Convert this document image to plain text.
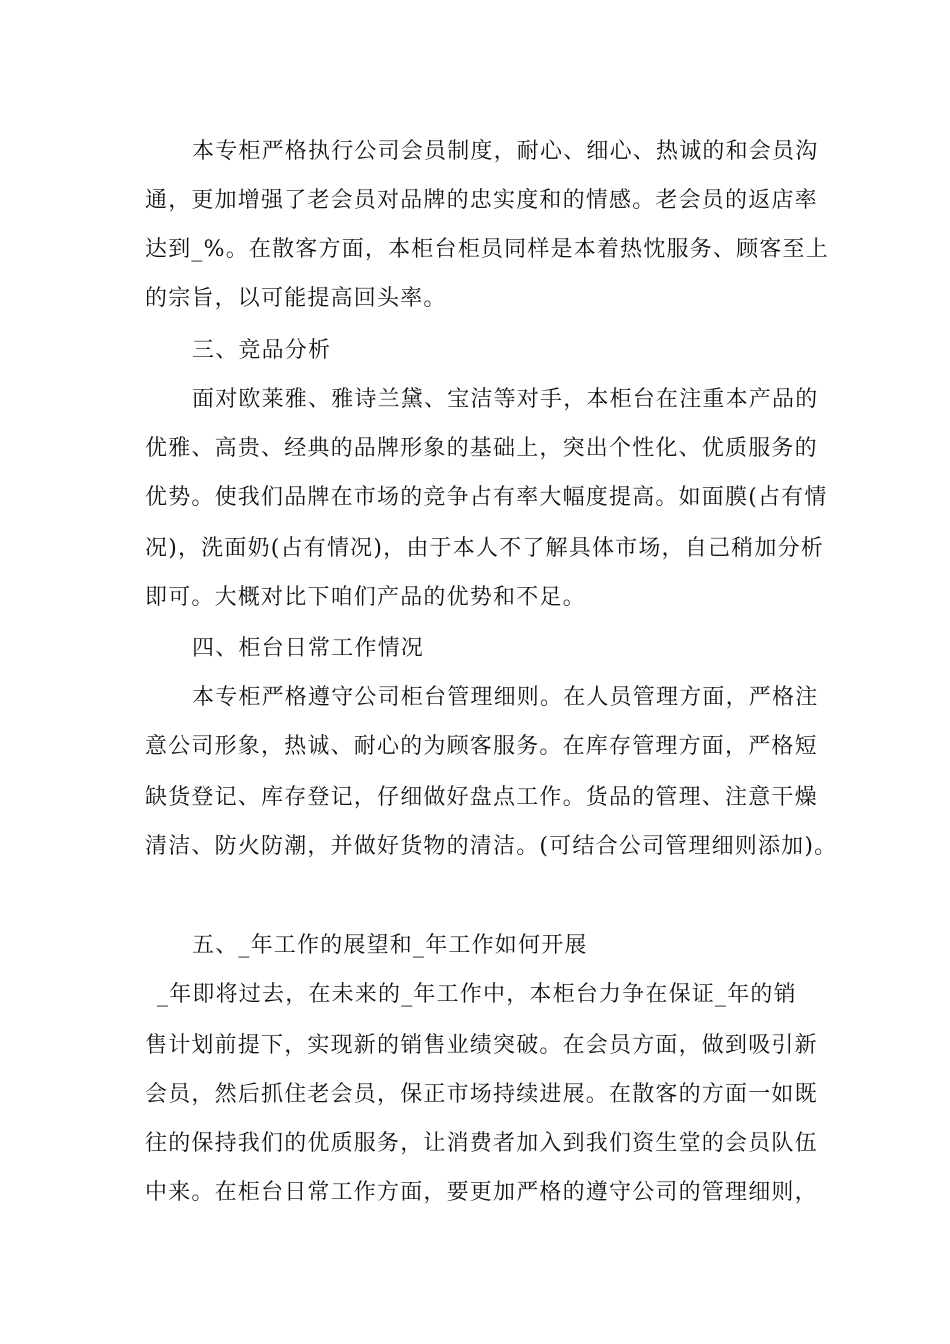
本专柜严格执行公司会员制度，耐心、细心、热诚的和会员沟
通，更加增强了老会员对品牌的忠实度和的情感。老会员的返店率
达到_%。在散客方面，本柜台柜员同样是本着热忱服务、顾客至上
的宗旨，以可能提高回头率。
三、竞品分析
面对欧莱雅、雅诗兰黛、宝洁等对手，本柜台在注重本产品的
优雅、高贵、经典的品牌形象的基础上，突出个性化、优质服务的
优势。使我们品牌在市场的竞争占有率大幅度提高。如面膜(占有情
况)，洗面奶(占有情况)，由于本人不了解具体市场，自己稍加分析
即可。大概对比下咱们产品的优势和不足。
四、柜台日常工作情况
本专柜严格遵守公司柜台管理细则。在人员管理方面，严格注
意公司形象，热诚、耐心的为顾客服务。在库存管理方面，严格短
缺货登记、库存登记，仔细做好盘点工作。货品的管理、注意干燥
清洁、防火防潮，并做好货物的清洁。(可结合公司管理细则添加)。
五、_年工作的展望和_年工作如何开展
_年即将过去，在未来的_年工作中，本柜台力争在保证_年的销
售计划前提下，实现新的销售业绩突破。在会员方面，做到吸引新
会员，然后抓住老会员，保正市场持续进展。在散客的方面一如既
往的保持我们的优质服务，让消费者加入到我们资生堂的会员队伍
中来。在柜台日常工作方面，要更加严格的遵守公司的管理细则，
